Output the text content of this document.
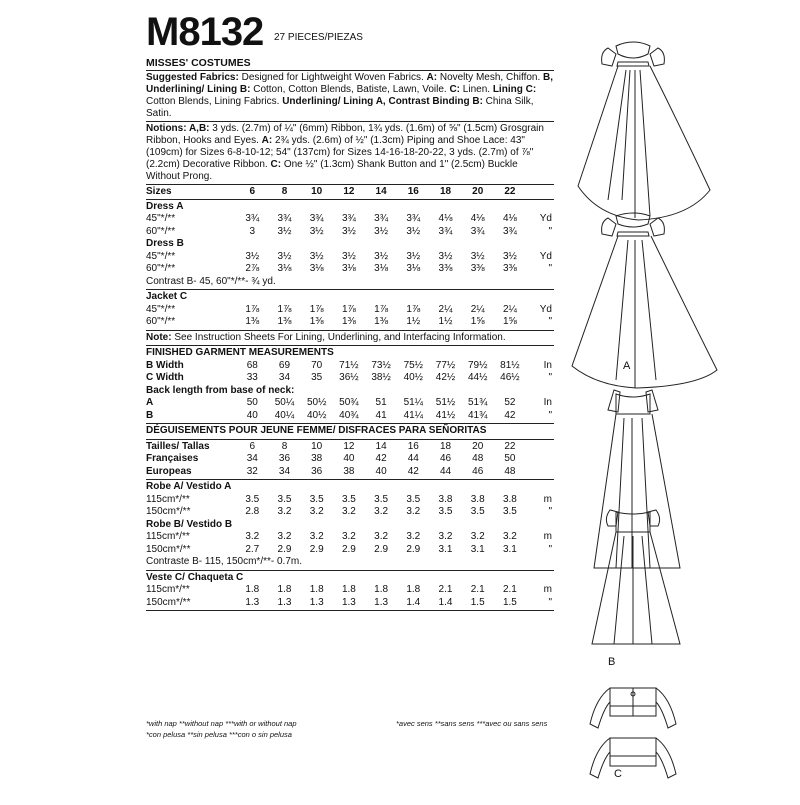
M8132 27 PIECES/PIEZAS
MISSES' COSTUMES

Suggested Fabrics: Designed for Lightweight Woven Fabrics. A: Novelty Mesh, Chiffon. B, Underlining/ Lining B: Cotton, Cotton Blends, Batiste, Lawn, Voile. C: Linen. Lining C: Cotton Blends, Lining Fabrics. Underlining/ Lining A, Contrast Binding B: China Silk, Satin.

Notions: A,B: 3 yds. (2.7m) of ¼" (6mm) Ribbon, 1¾ yds. (1.6m) of ⅝" (1.5cm) Grosgrain Ribbon, Hooks and Eyes. A: 2¾ yds. (2.6m) of ½" (1.3cm) Piping and Shoe Lace: 43" (109cm) for Sizes 6-8-10-12; 54" (137cm) for Sizes 14-16-18-20-22, 3 yds. (2.7m) of ⅞" (2.2cm) Decorative Ribbon. C: One ½" (1.3cm) Shank Button and 1" (2.5cm) Buckle Without Prong.

Sizes	6	8	10	12	14	16	18	20	22	

Dress A										
45"*/**	3¾	3¾	3¾	3¾	3¾	3¾	4⅛	4⅛	4⅛	Yd
60"*/**	3	3½	3½	3½	3½	3½	3¾	3¾	3¾	"
Dress B										
45"*/**	3½	3½	3½	3½	3½	3½	3½	3½	3½	Yd
60"*/**	2⅞	3⅛	3⅛	3⅛	3⅛	3⅛	3⅜	3⅜	3⅜	"
Contrast B- 45, 60"*/**- ¾ yd.										

Jacket C										
45"*/**	1⅞	1⅞	1⅞	1⅞	1⅞	1⅞	2¼	2¼	2¼	Yd
60"*/**	1⅜	1⅜	1⅜	1⅜	1⅜	1½	1½	1⅝	1⅝	"

Note: See Instruction Sheets For Lining, Underlining, and Interfacing Information.										

FINISHED GARMENT MEASUREMENTS										
B Width	68	69	70	71½	73½	75½	77½	79½	81½	In
C Width	33	34	35	36½	38½	40½	42½	44½	46½	"
Back length from base of neck:										
A	50	50¼	50½	50¾	51	51¼	51½	51¾	52	In
B	40	40¼	40½	40¾	41	41¼	41½	41¾	42	"

DÉGUISEMENTS POUR JEUNE FEMME/ DISFRACES PARA SEÑORITAS										

Tailles/ Tallas	6	8	10	12	14	16	18	20	22	
Françaises	34	36	38	40	42	44	46	48	50	
Europeas	32	34	36	38	40	42	44	46	48	

Robe A/ Vestido A										
115cm*/**	3.5	3.5	3.5	3.5	3.5	3.5	3.8	3.8	3.8	m
150cm*/**	2.8	3.2	3.2	3.2	3.2	3.2	3.5	3.5	3.5	"
Robe B/ Vestido B										
115cm*/**	3.2	3.2	3.2	3.2	3.2	3.2	3.2	3.2	3.2	m
150cm*/**	2.7	2.9	2.9	2.9	2.9	2.9	3.1	3.1	3.1	"
Contraste B- 115, 150cm*/**- 0.7m.										

Veste C/ Chaqueta C										
115cm*/**	1.8	1.8	1.8	1.8	1.8	1.8	2.1	2.1	2.1	m
150cm*/**	1.3	1.3	1.3	1.3	1.3	1.4	1.4	1.5	1.5	"

*with nap **without nap ***with or without nap
*con pelusa **sin pelusa ***con o sin pelusa
*avec sens **sans sens ***avec ou sans sens
A
B
C
